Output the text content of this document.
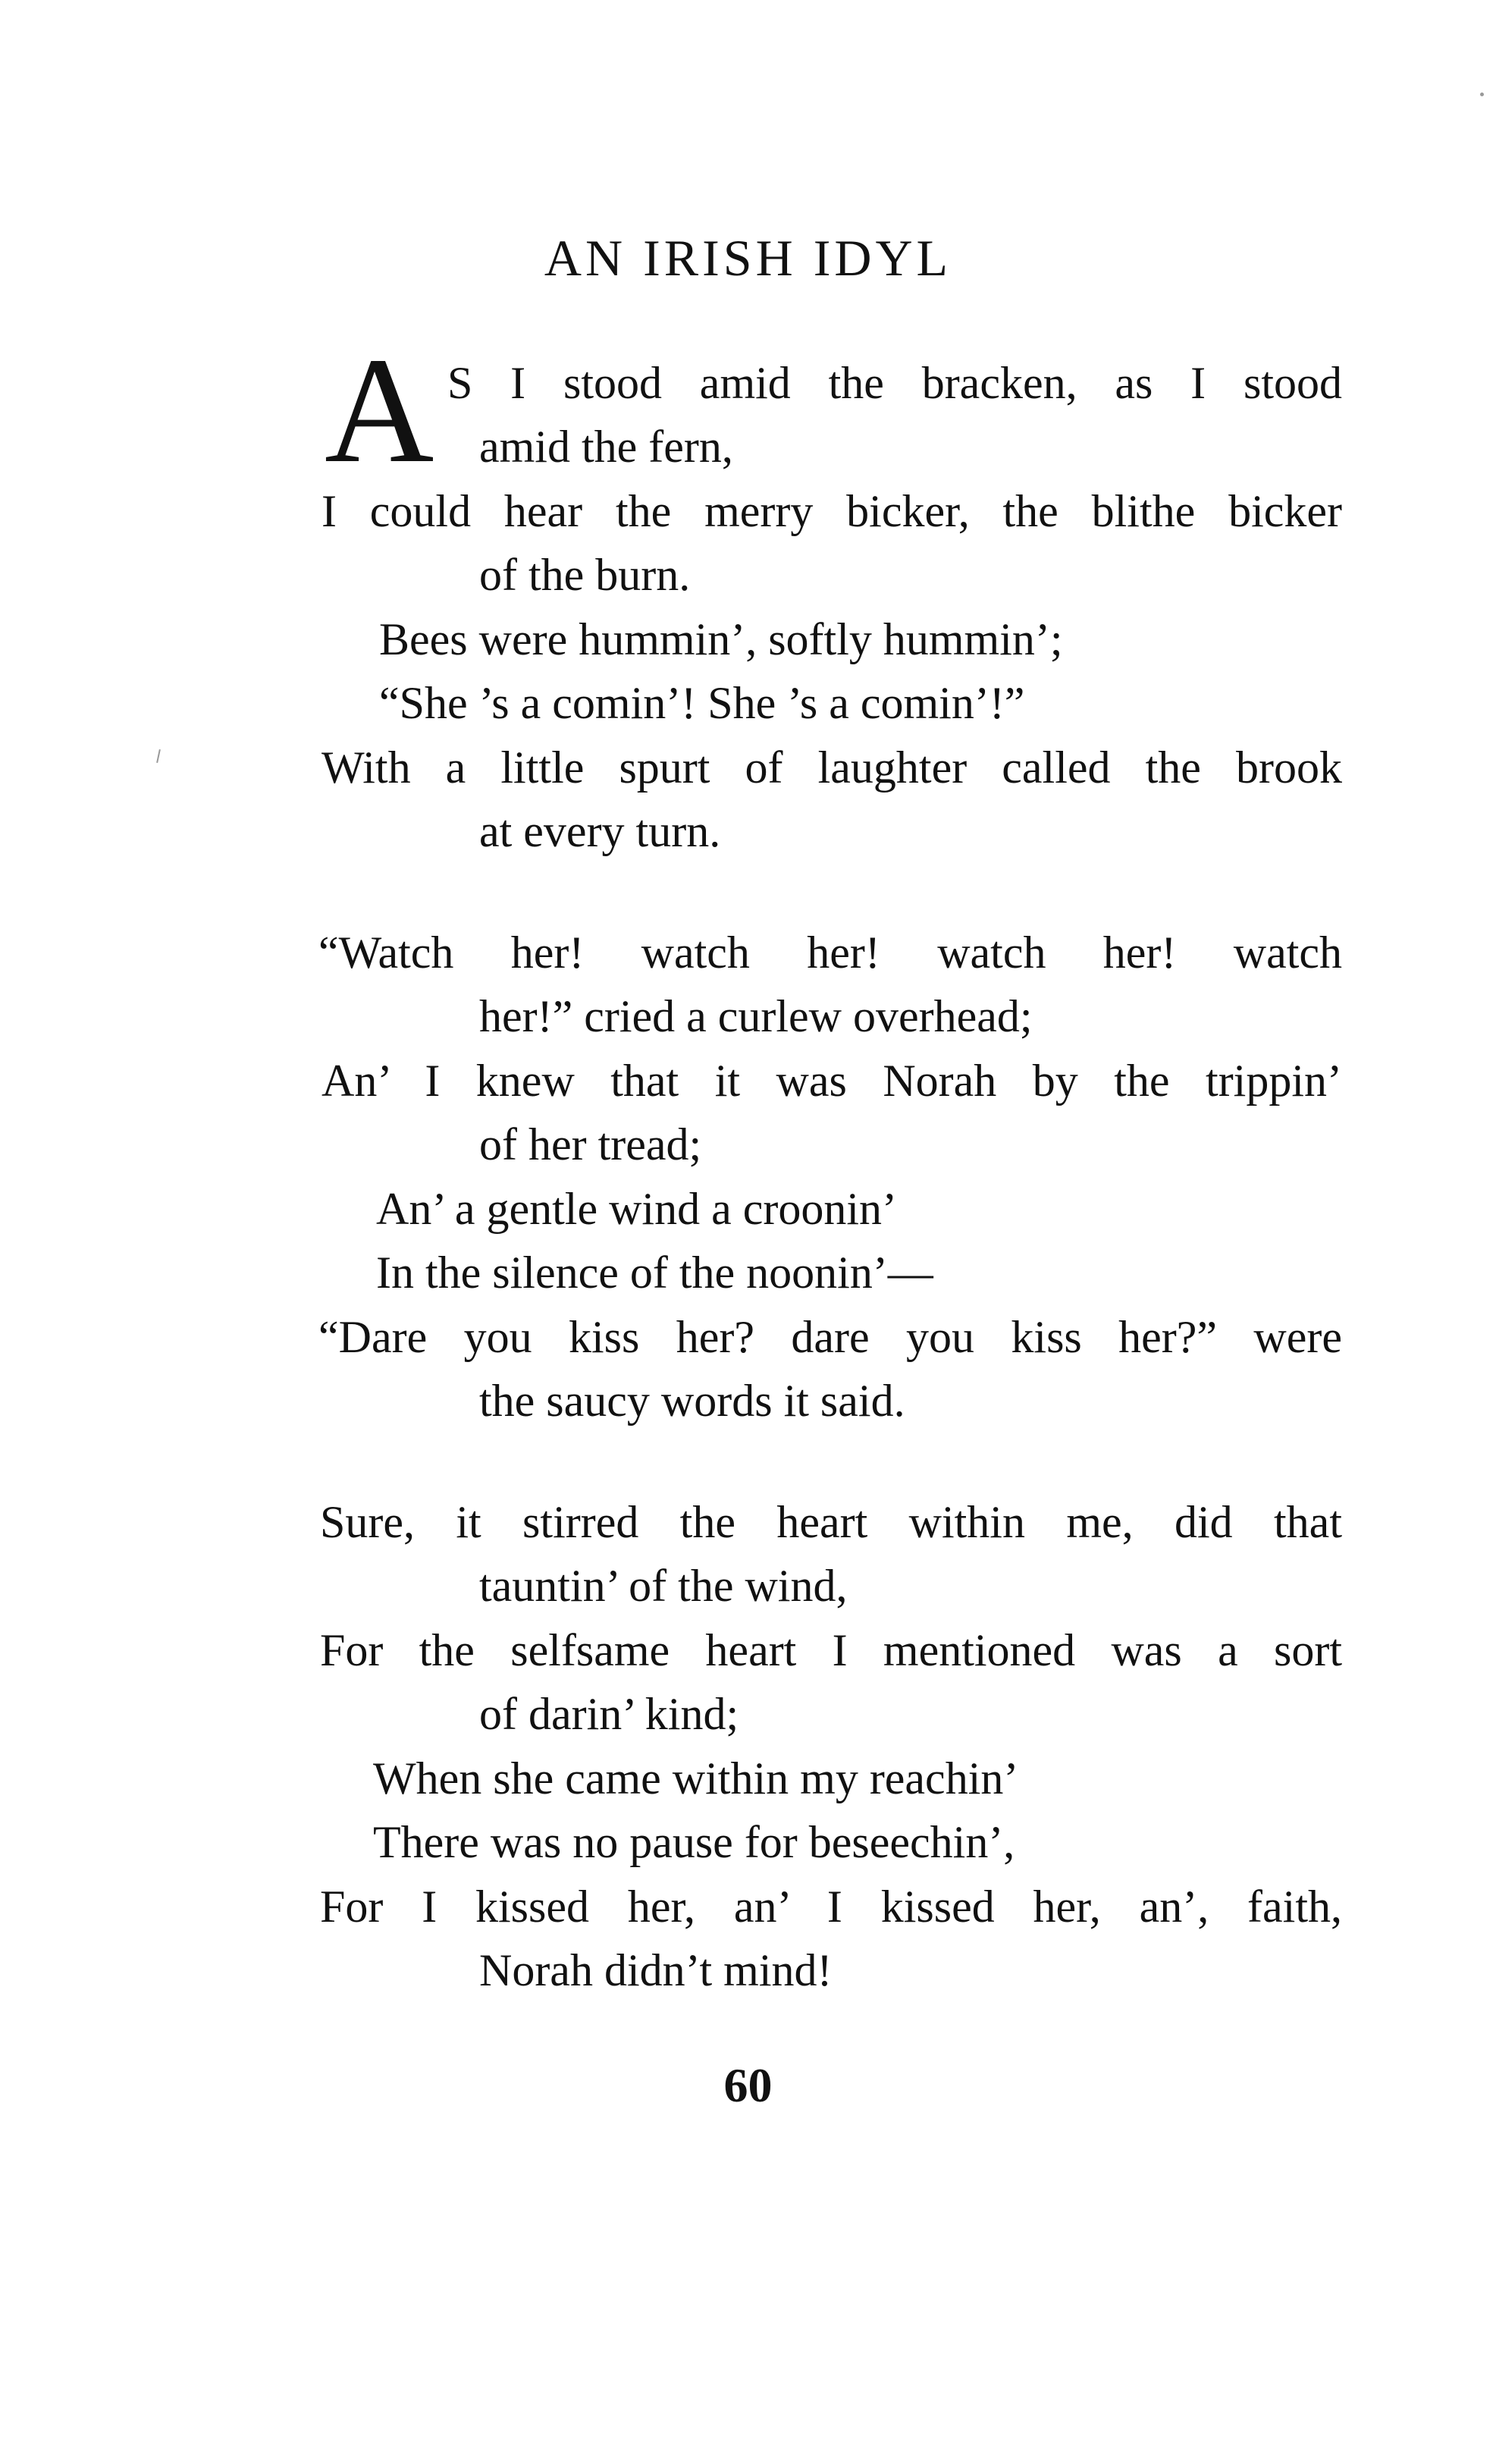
AN IRISH IDYL
A S I stood amid the bracken, as I stood
amid the fern,
I could hear the merry bicker, the blithe bicker
of the burn.
Bees were hummin’, softly hummin’;
“She ’s a comin’! She ’s a comin’!”
With a little spurt of laughter called the brook
at every turn.
“Watch her! watch her! watch her! watch
her!” cried a curlew overhead;
An’ I knew that it was Norah by the trippin’
of her tread;
An’ a gentle wind a croonin’
In the silence of the noonin’—
“Dare you kiss her? dare you kiss her?” were
the saucy words it said.
Sure, it stirred the heart within me, did that
tauntin’ of the wind,
For the selfsame heart I mentioned was a sort
of darin’ kind;
When she came within my reachin’
There was no pause for beseechin’,
For I kissed her, an’ I kissed her, an’, faith,
Norah didn’t mind!
60
